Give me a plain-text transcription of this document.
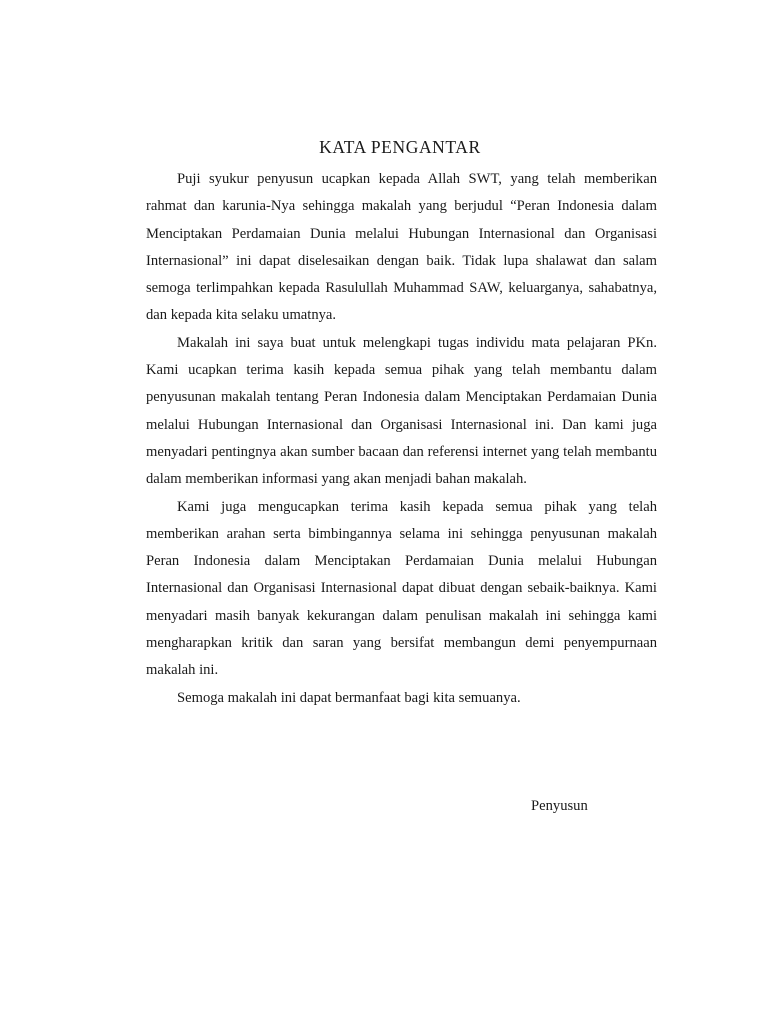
KATA PENGANTAR

Puji syukur penyusun ucapkan kepada Allah SWT, yang telah memberikan rahmat dan karunia-Nya sehingga makalah yang berjudul “Peran Indonesia dalam Menciptakan Perdamaian Dunia melalui Hubungan Internasional dan Organisasi Internasional” ini dapat diselesaikan dengan baik. Tidak lupa shalawat dan salam semoga terlimpahkan kepada Rasulullah Muhammad SAW, keluarganya, sahabatnya, dan kepada kita selaku umatnya.

Makalah ini saya buat untuk melengkapi tugas individu mata pelajaran PKn. Kami ucapkan terima kasih kepada semua pihak yang telah membantu dalam penyusunan makalah tentang Peran Indonesia dalam Menciptakan Perdamaian Dunia melalui Hubungan Internasional dan Organisasi Internasional ini. Dan kami juga menyadari pentingnya akan sumber bacaan dan referensi internet yang telah membantu dalam memberikan informasi yang akan menjadi bahan makalah.

Kami juga mengucapkan terima kasih kepada semua pihak yang telah memberikan arahan serta bimbingannya selama ini sehingga penyusunan makalah Peran Indonesia dalam Menciptakan Perdamaian Dunia melalui Hubungan Internasional dan Organisasi Internasional dapat dibuat dengan sebaik-baiknya. Kami menyadari masih banyak kekurangan dalam penulisan makalah ini sehingga kami mengharapkan kritik dan saran yang bersifat membangun demi penyempurnaan makalah ini.

Semoga makalah ini dapat bermanfaat bagi kita semuanya.

Penyusun
